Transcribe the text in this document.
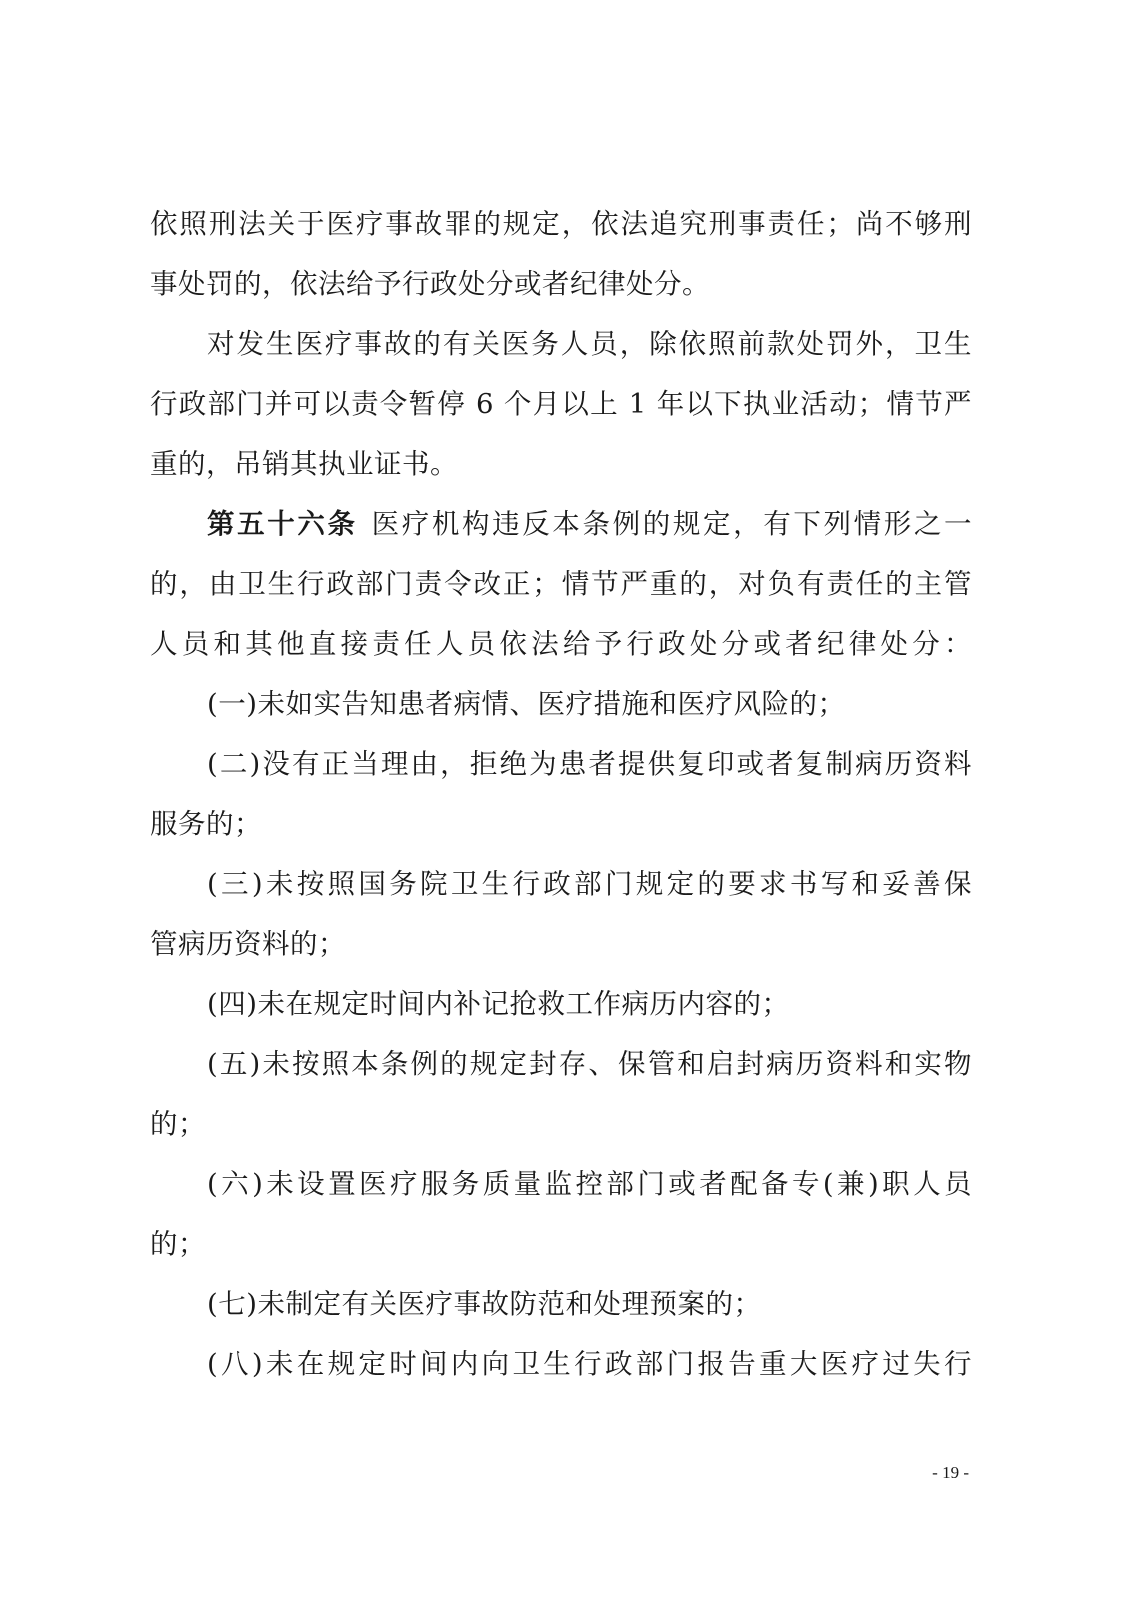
依照刑法关于医疗事故罪的规定，依法追究刑事责任；尚不够刑
事处罚的，依法给予行政处分或者纪律处分。
对发生医疗事故的有关医务人员，除依照前款处罚外，卫生
行政部门并可以责令暂停 6 个月以上 1 年以下执业活动；情节严
重的，吊销其执业证书。
第五十六条 医疗机构违反本条例的规定，有下列情形之一
的，由卫生行政部门责令改正；情节严重的，对负有责任的主管
人员和其他直接责任人员依法给予行政处分或者纪律处分：
(一)未如实告知患者病情、医疗措施和医疗风险的；
(二)没有正当理由，拒绝为患者提供复印或者复制病历资料
服务的；
(三)未按照国务院卫生行政部门规定的要求书写和妥善保
管病历资料的；
(四)未在规定时间内补记抢救工作病历内容的；
(五)未按照本条例的规定封存、保管和启封病历资料和实物
的；
(六)未设置医疗服务质量监控部门或者配备专(兼)职人员
的；
(七)未制定有关医疗事故防范和处理预案的；
(八)未在规定时间内向卫生行政部门报告重大医疗过失行
- 19 -
